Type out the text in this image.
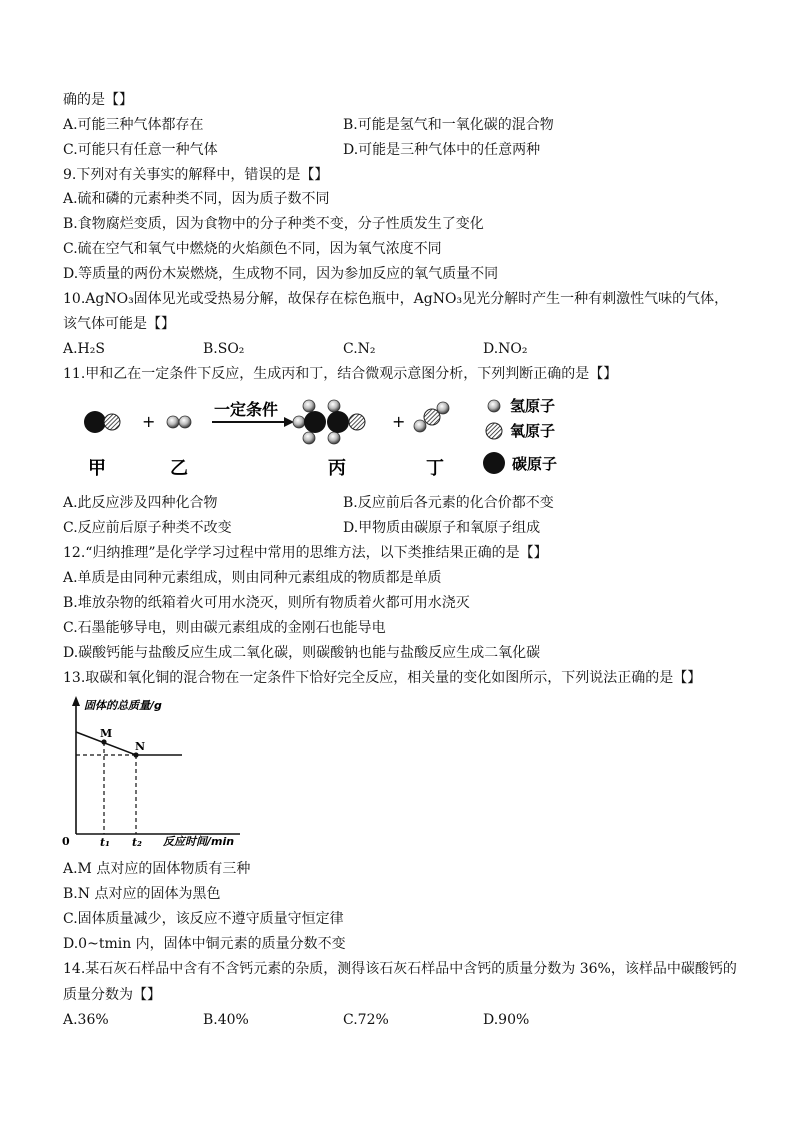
确的是【】
A.可能三种气体都存在	B.可能是氢气和一氧化碳的混合物
C.可能只有任意一种气体	D.可能是三种气体中的任意两种
9.下列对有关事实的解释中，错误的是【】
A.硫和磷的元素种类不同，因为质子数不同
B.食物腐烂变质，因为食物中的分子种类不变，分子性质发生了变化
C.硫在空气和氧气中燃烧的火焰颜色不同，因为氧气浓度不同
D.等质量的两份木炭燃烧，生成物不同，因为参加反应的氧气质量不同
10.AgNO₃固体见光或受热易分解，故保存在棕色瓶中，AgNO₃见光分解时产生一种有刺激性气味的气体，
该气体可能是【】
A.H₂S	B.SO₂	C.N₂	D.NO₂
11.甲和乙在一定条件下反应，生成丙和丁，结合微观示意图分析，下列判断正确的是【】
+
一定条件
+
甲	乙	丙	丁
氢原子
氧原子
碳原子
A.此反应涉及四种化合物	B.反应前后各元素的化合价都不变
C.反应前后原子种类不改变	D.甲物质由碳原子和氧原子组成
12.“归纳推理”是化学学习过程中常用的思维方法，以下类推结果正确的是【】
A.单质是由同种元素组成，则由同种元素组成的物质都是单质
B.堆放杂物的纸箱着火可用水浇灭，则所有物质着火都可用水浇灭
C.石墨能够导电，则由碳元素组成的金刚石也能导电
D.碳酸钙能与盐酸反应生成二氧化碳，则碳酸钠也能与盐酸反应生成二氧化碳
13.取碳和氧化铜的混合物在一定条件下恰好完全反应，相关量的变化如图所示，下列说法正确的是【】
固体的总质量/g
M
N
0	t₁ t₂ 反应时间/min
A.M 点对应的固体物质有三种
B.N 点对应的固体为黑色
C.固体质量减少，该反应不遵守质量守恒定律
D.0~tmin 内，固体中铜元素的质量分数不变
14.某石灰石样品中含有不含钙元素的杂质，测得该石灰石样品中含钙的质量分数为 36%，该样品中碳酸钙的
质量分数为【】
A.36%	B.40%	C.72%	D.90%
